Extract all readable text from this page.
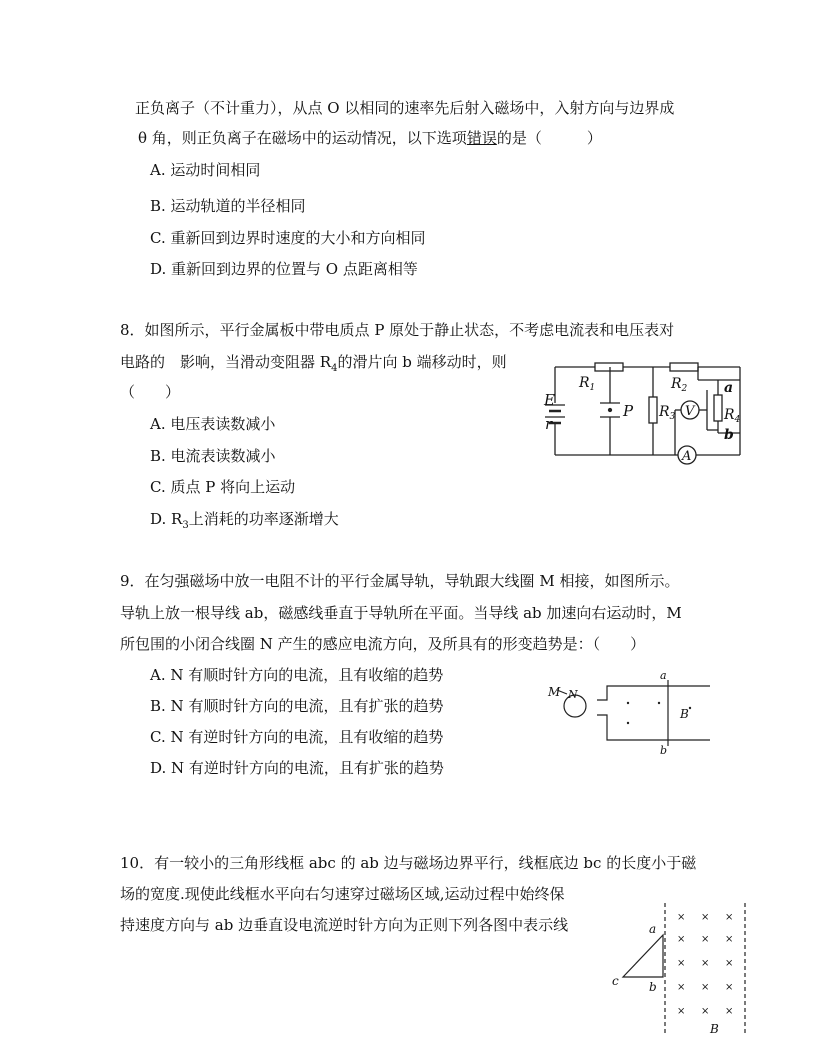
正负离子（不计重力），从点 O 以相同的速率先后射入磁场中，入射方向与边界成
θ 角，则正负离子在磁场中的运动情况，以下选项错误的是（　　　）
A. 运动时间相同
B. 运动轨道的半径相同
C. 重新回到边界时速度的大小和方向相同
D. 重新回到边界的位置与 O 点距离相等
8．如图所示，平行金属板中带电质点 P 原处于静止状态，不考虑电流表和电压表对
电路的　影响，当滑动变阻器 $R_4$的滑片向 b 端移动时，则
（　　）
A. 电压表读数减小
B. 电流表读数减小
C. 质点 P 将向上运动
D. $R_3$上消耗的功率逐渐增大
E
r
$R_1$
P $R_3$
$R_2$
V
A
$R_4$
a
b
9．在匀强磁场中放一电阻不计的平行金属导轨，导轨跟大线圈 M 相接，如图所示。
导轨上放一根导线 ab，磁感线垂直于导轨所在平面。当导线 ab 加速向右运动时，M
所包围的小闭合线圈 N 产生的感应电流方向，及所具有的形变趋势是：（　　）
A. N 有顺时针方向的电流，且有收缩的趋势
B. N 有顺时针方向的电流，且有扩张的趋势
C. N 有逆时针方向的电流，且有收缩的趋势
D. N 有逆时针方向的电流，且有扩张的趋势
M N
a
b
B
10．有一较小的三角形线框 abc 的 ab 边与磁场边界平行，线框底边 bc 的长度小于磁
场的宽度.现使此线框水平向右匀速穿过磁场区域,运动过程中始终保
持速度方向与 ab 边垂直设电流逆时针方向为正则下列各图中表示线	× × ×
× × ×
× × ×
× × ×
× × ×
a
b
c
B
